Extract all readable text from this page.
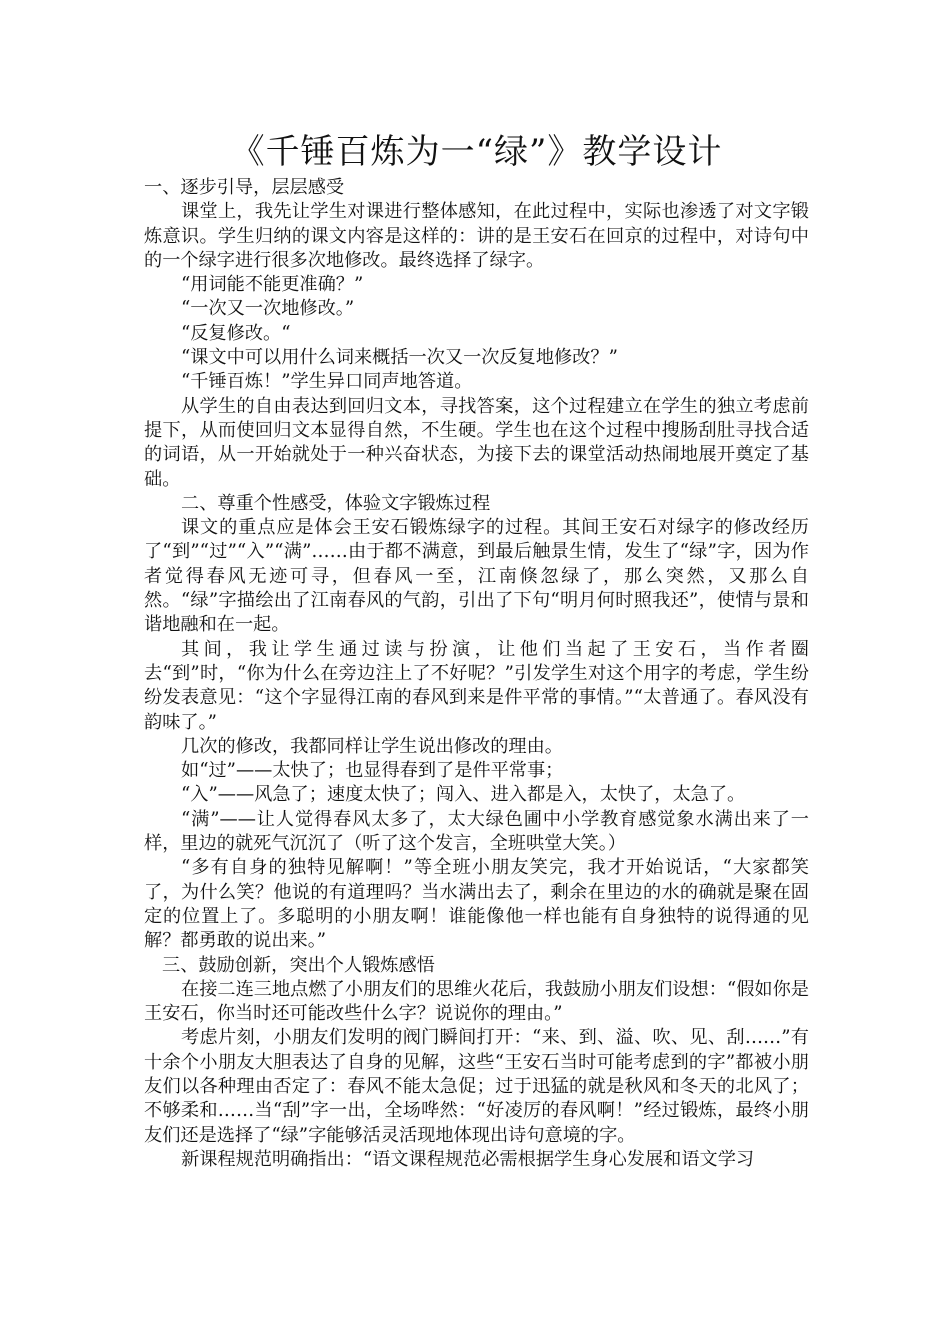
《千锤百炼为一“绿”》教学设计

一、逐步引导，层层感受

课堂上，我先让学生对课进行整体感知，在此过程中，实际也渗透了对文字锻炼意识。学生归纳的课文内容是这样的：讲的是王安石在回京的过程中，对诗句中的一个绿字进行很多次地修改。最终选择了绿字。

“用词能不能更准确？”

“一次又一次地修改。”

“反复修改。“

“课文中可以用什么词来概括一次又一次反复地修改？”

“千锤百炼！”学生异口同声地答道。

从学生的自由表达到回归文本，寻找答案，这个过程建立在学生的独立考虑前提下，从而使回归文本显得自然，不生硬。学生也在这个过程中搜肠刮肚寻找合适的词语，从一开始就处于一种兴奋状态，为接下去的课堂活动热闹地展开奠定了基础。

二、尊重个性感受，体验文字锻炼过程

课文的重点应是体会王安石锻炼绿字的过程。其间王安石对绿字的修改经历了“到”“过”“入”“满”……由于都不满意，到最后触景生情，发生了“绿”字，因为作者觉得春风无迹可寻，但春风一至，江南倏忽绿了，那么突然，又那么自然。“绿”字描绘出了江南春风的气韵，引出了下句“明月何时照我还”，使情与景和谐地融和在一起。

其间，我让学生通过读与扮演，让他们当起了王安石，当作者圈去“到”时，“你为什么在旁边注上了不好呢？”引发学生对这个用字的考虑，学生纷纷发表意见：“这个字显得江南的春风到来是件平常的事情。”“太普通了。春风没有韵味了。”

几次的修改，我都同样让学生说出修改的理由。

如“过”——太快了；也显得春到了是件平常事；

“入”——风急了；速度太快了；闯入、进入都是入，太快了，太急了。

“满”——让人觉得春风太多了，太大绿色圃中小学教育感觉象水满出来了一样，里边的就死气沉沉了（听了这个发言，全班哄堂大笑。）

“多有自身的独特见解啊！”等全班小朋友笑完，我才开始说话，“大家都笑了，为什么笑？他说的有道理吗？当水满出去了，剩余在里边的水的确就是聚在固定的位置上了。多聪明的小朋友啊！谁能像他一样也能有自身独特的说得通的见解？都勇敢的说出来。”

三、鼓励创新，突出个人锻炼感悟

在接二连三地点燃了小朋友们的思维火花后，我鼓励小朋友们设想：“假如你是王安石，你当时还可能改些什么字？说说你的理由。”

考虑片刻，小朋友们发明的阀门瞬间打开：“来、到、溢、吹、见、刮……”有十余个小朋友大胆表达了自身的见解，这些“王安石当时可能考虑到的字”都被小朋友们以各种理由否定了：春风不能太急促；过于迅猛的就是秋风和冬天的北风了；不够柔和……当“刮”字一出，全场哗然：“好凌厉的春风啊！”经过锻炼，最终小朋友们还是选择了“绿”字能够活灵活现地体现出诗句意境的字。

新课程规范明确指出：“语文课程规范必需根据学生身心发展和语文学习
